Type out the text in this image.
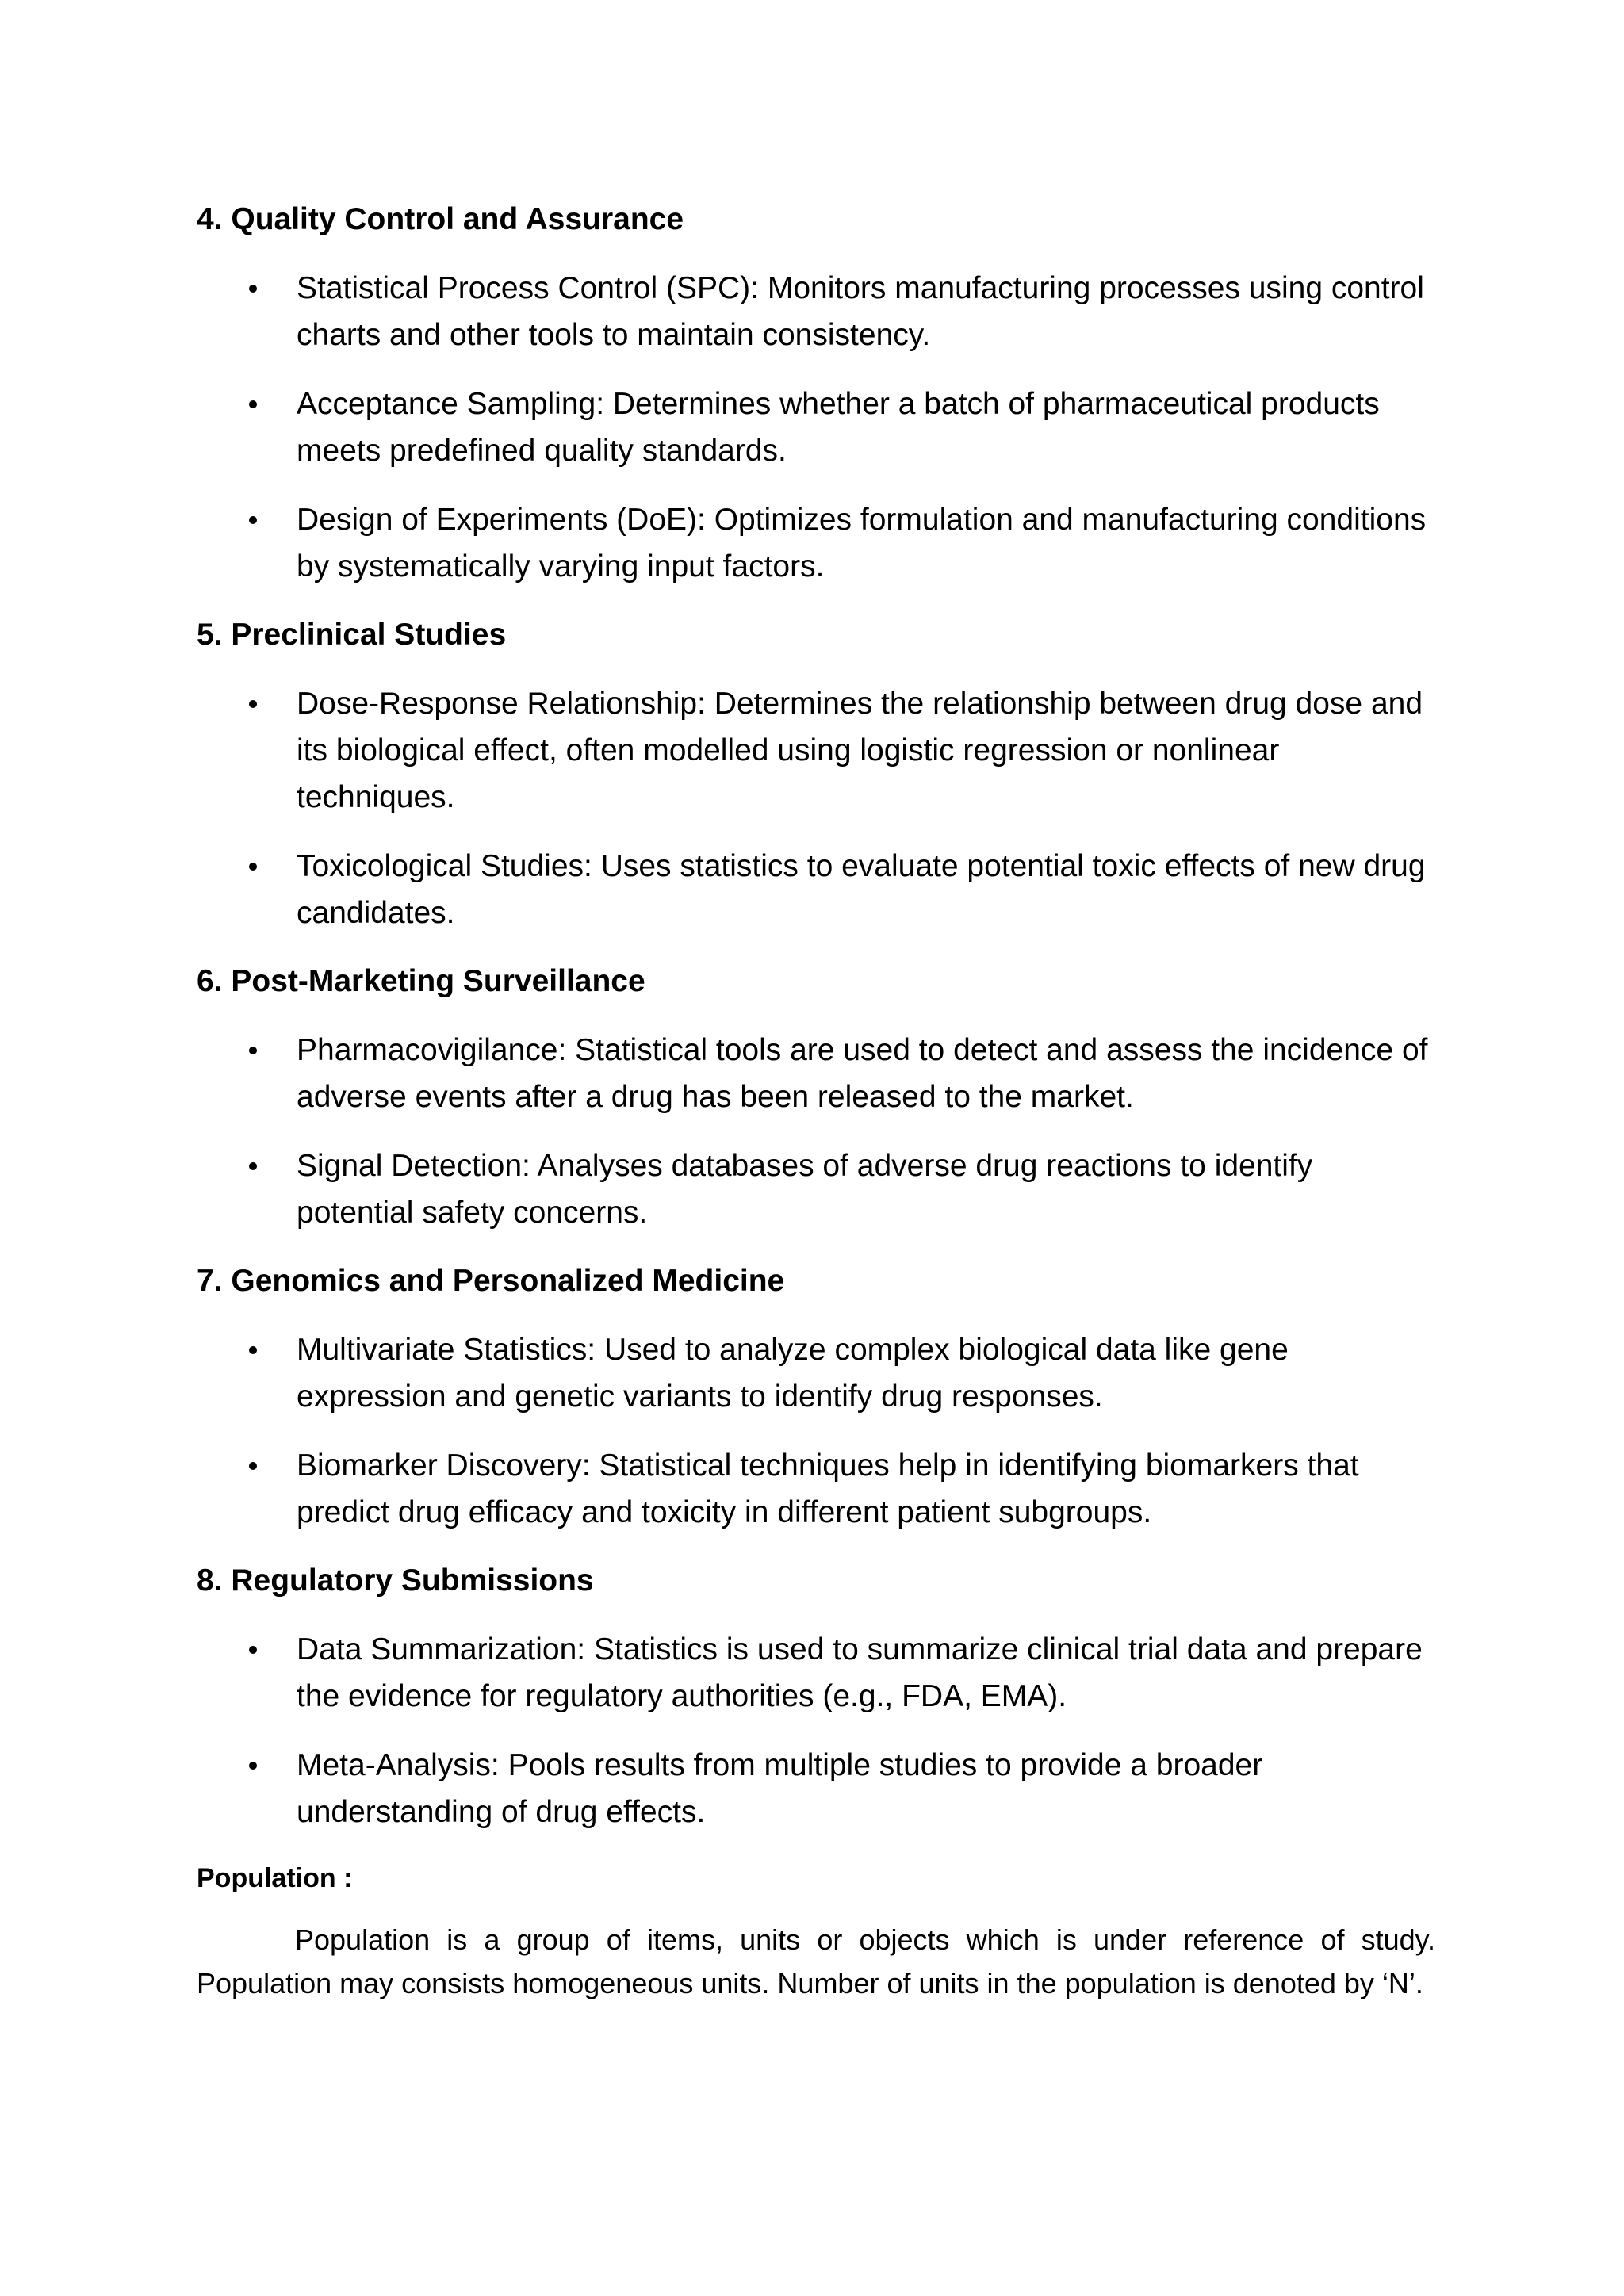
4. Quality Control and Assurance
Statistical Process Control (SPC): Monitors manufacturing processes using control charts and other tools to maintain consistency.
Acceptance Sampling: Determines whether a batch of pharmaceutical products meets predefined quality standards.
Design of Experiments (DoE): Optimizes formulation and manufacturing conditions by systematically varying input factors.
5. Preclinical Studies
Dose-Response Relationship: Determines the relationship between drug dose and its biological effect, often modelled using logistic regression or nonlinear techniques.
Toxicological Studies: Uses statistics to evaluate potential toxic effects of new drug candidates.
6. Post-Marketing Surveillance
Pharmacovigilance: Statistical tools are used to detect and assess the incidence of adverse events after a drug has been released to the market.
Signal Detection: Analyses databases of adverse drug reactions to identify potential safety concerns.
7. Genomics and Personalized Medicine
Multivariate Statistics: Used to analyze complex biological data like gene expression and genetic variants to identify drug responses.
Biomarker Discovery: Statistical techniques help in identifying biomarkers that predict drug efficacy and toxicity in different patient subgroups.
8. Regulatory Submissions
Data Summarization: Statistics is used to summarize clinical trial data and prepare the evidence for regulatory authorities (e.g., FDA, EMA).
Meta-Analysis: Pools results from multiple studies to provide a broader understanding of drug effects.
Population :

Population is a group of items, units or objects which is under reference of study. Population may consists homogeneous units. Number of units in the population is denoted by ‘N’.
